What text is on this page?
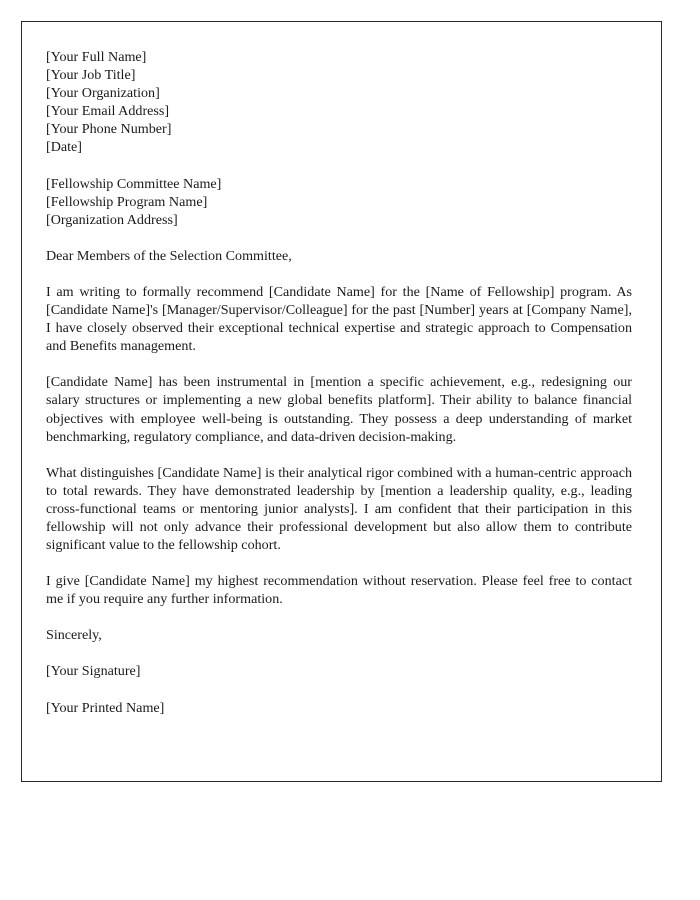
[Your Full Name]

[Your Job Title]

[Your Organization]

[Your Email Address]

[Your Phone Number]

[Date]

[Fellowship Committee Name]

[Fellowship Program Name]

[Organization Address]

Dear Members of the Selection Committee,

I am writing to formally recommend [Candidate Name] for the [Name of Fellowship] program. As [Candidate Name]'s [Manager/Supervisor/Colleague] for the past [Number] years at [Company Name], I have closely observed their exceptional technical expertise and strategic approach to Compensation and Benefits management.

[Candidate Name] has been instrumental in [mention a specific achievement, e.g., redesigning our salary structures or implementing a new global benefits platform]. Their ability to balance financial objectives with employee well-being is outstanding. They possess a deep understanding of market benchmarking, regulatory compliance, and data-driven decision-making.

What distinguishes [Candidate Name] is their analytical rigor combined with a human-centric approach to total rewards. They have demonstrated leadership by [mention a leadership quality, e.g., leading cross-functional teams or mentoring junior analysts]. I am confident that their participation in this fellowship will not only advance their professional development but also allow them to contribute significant value to the fellowship cohort.

I give [Candidate Name] my highest recommendation without reservation. Please feel free to contact me if you require any further information.

Sincerely,

[Your Signature]

[Your Printed Name]
